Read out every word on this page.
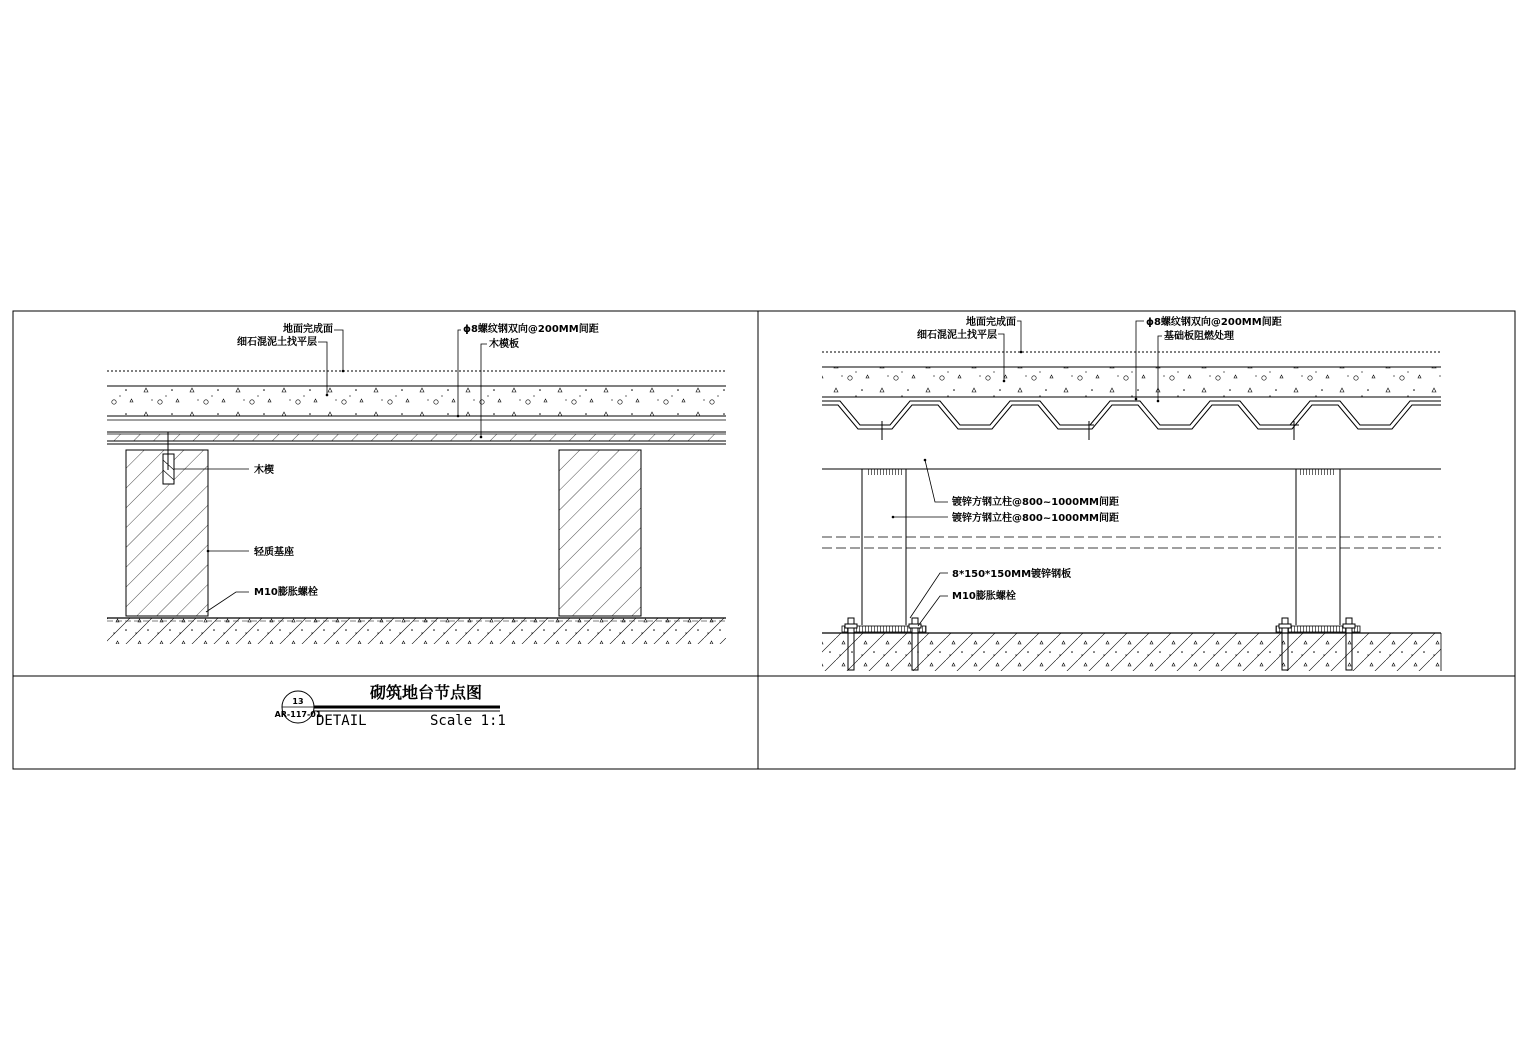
地面完成面
细石混泥土找平层
ϕ8螺纹钢双向@200MM间距
木模板
木楔
轻质基座
M10膨胀螺栓
13
AR-117-01
砌筑地台节点图
DETAIL	Scale 1:1
地面完成面
细石混泥土找平层
ϕ8螺纹钢双向@200MM间距
基础板阻燃处理
镀锌方钢立柱@800~1000MM间距
镀锌方钢立柱@800~1000MM间距
8*150*150MM镀锌钢板
M10膨胀螺栓
